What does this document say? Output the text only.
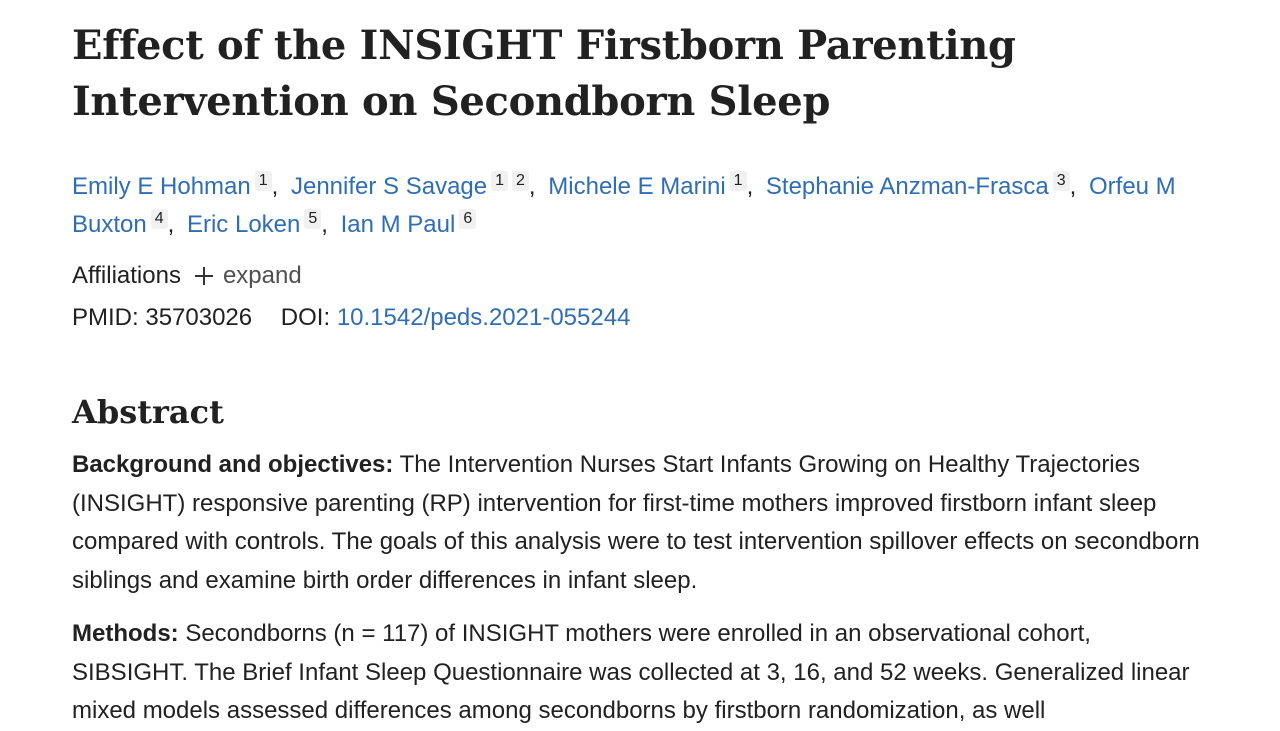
Effect of the INSIGHT Firstborn Parenting Intervention on Secondborn Sleep
Emily E Hohman 1 , Jennifer S Savage 1 2 , Michele E Marini 1 , Stephanie Anzman-Frasca 3 , Orfeu M Buxton 4 , Eric Loken 5 , Ian M Paul 6
Affiliations expand
PMID: 35703026 DOI: 10.1542/peds.2021-055244
Abstract

Background and objectives: The Intervention Nurses Start Infants Growing on Healthy Trajectories (INSIGHT) responsive parenting (RP) intervention for first-time mothers improved firstborn infant sleep compared with controls. The goals of this analysis were to test intervention spillover effects on secondborn siblings and examine birth order differences in infant sleep.

Methods: Secondborns (n = 117) of INSIGHT mothers were enrolled in an observational cohort, SIBSIGHT. The Brief Infant Sleep Questionnaire was collected at 3, 16, and 52 weeks. Generalized linear mixed models assessed differences among secondborns by firstborn randomization, as well
